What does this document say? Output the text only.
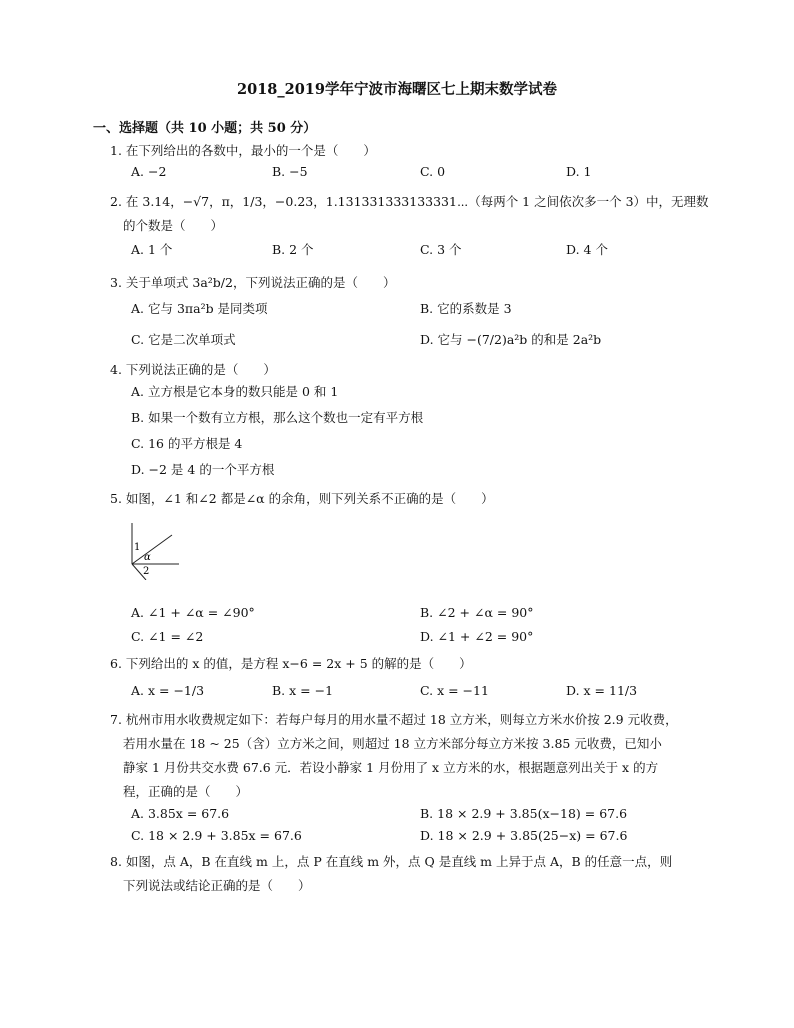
2018_2019学年宁波市海曙区七上期末数学试卷
一、选择题（共 10 小题；共 50 分）
1. 在下列给出的各数中，最小的一个是（　　）
A. −2	B. −5	C. 0	D. 1
2. 在 3.14，−√7，π，1/3，−0.23，1.131331333133331⋯（每两个 1 之间依次多一个 3）中，无理数
的个数是（　　）
A. 1 个	B. 2 个	C. 3 个	D. 4 个
3. 关于单项式 3a²b/2，下列说法正确的是（　　）
A. 它与 3πa²b 是同类项	B. 它的系数是 3
C. 它是二次单项式	D. 它与 −(7/2)a²b 的和是 2a²b
4. 下列说法正确的是（　　）
A. 立方根是它本身的数只能是 0 和 1
B. 如果一个数有立方根，那么这个数也一定有平方根
C. 16 的平方根是 4
D. −2 是 4 的一个平方根
5. 如图，∠1 和∠2 都是∠α 的余角，则下列关系不正确的是（　　）
1
α
2
A. ∠1 + ∠α = ∠90°	B. ∠2 + ∠α = 90°
C. ∠1 = ∠2	D. ∠1 + ∠2 = 90°
6. 下列给出的 x 的值，是方程 x−6 = 2x + 5 的解的是（　　）
A. x = −1/3	B. x = −1	C. x = −11	D. x = 11/3
7. 杭州市用水收费规定如下：若每户每月的用水量不超过 18 立方米，则每立方米水价按 2.9 元收费，
若用水量在 18 ~ 25（含）立方米之间，则超过 18 立方米部分每立方米按 3.85 元收费，已知小
静家 1 月份共交水费 67.6 元．若设小静家 1 月份用了 x 立方米的水，根据题意列出关于 x 的方
程，正确的是（　　）
A. 3.85x = 67.6	B. 18 × 2.9 + 3.85(x−18) = 67.6
C. 18 × 2.9 + 3.85x = 67.6	D. 18 × 2.9 + 3.85(25−x) = 67.6
8. 如图，点 A，B 在直线 m 上，点 P 在直线 m 外，点 Q 是直线 m 上异于点 A，B 的任意一点，则
下列说法或结论正确的是（　　）
